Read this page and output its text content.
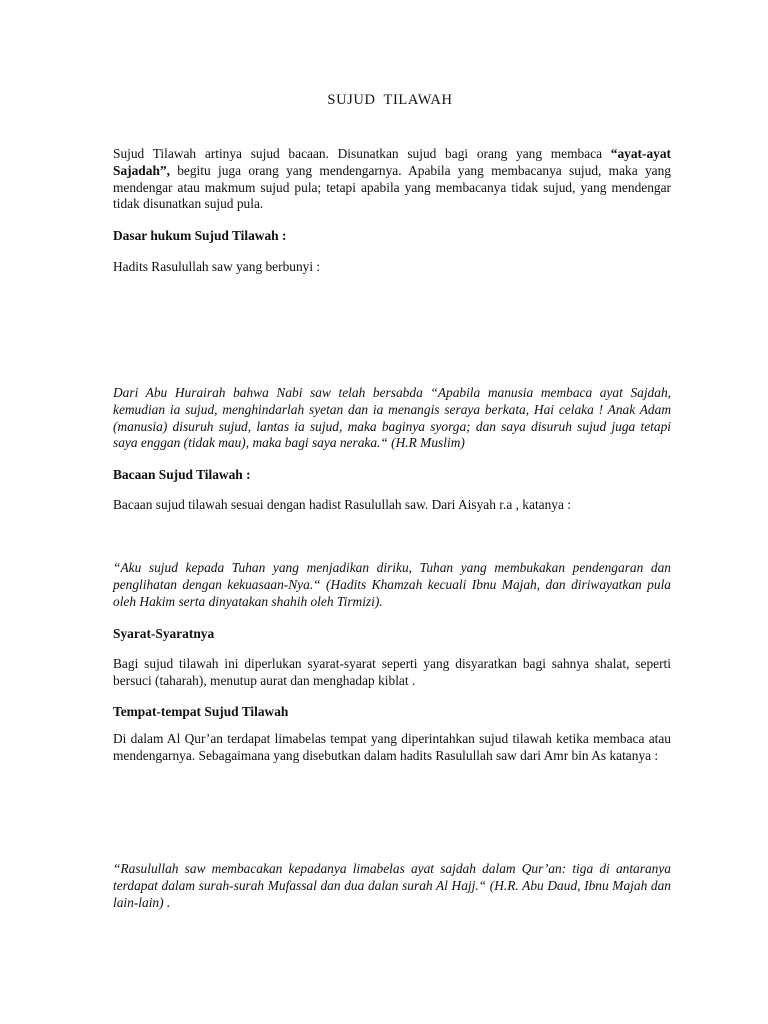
SUJUD TILAWAH

Sujud Tilawah artinya sujud bacaan. Disunatkan sujud bagi orang yang membaca “ayat-ayat Sajadah”, begitu juga orang yang mendengarnya. Apabila yang membacanya sujud, maka yang mendengar atau makmum sujud pula; tetapi apabila yang membacanya tidak sujud, yang mendengar tidak disunatkan sujud pula.

Dasar hukum Sujud Tilawah :

Hadits Rasulullah saw yang berbunyi :

Dari Abu Hurairah bahwa Nabi saw telah bersabda “Apabila manusia membaca ayat Sajdah, kemudian ia sujud, menghindarlah syetan dan ia menangis seraya berkata, Hai celaka ! Anak Adam (manusia) disuruh sujud, lantas ia sujud, maka baginya syorga; dan saya disuruh sujud juga tetapi saya enggan (tidak mau), maka bagi saya neraka.“ (H.R Muslim)

Bacaan Sujud Tilawah :

Bacaan sujud tilawah sesuai dengan hadist Rasulullah saw. Dari Aisyah r.a , katanya :

“Aku sujud kepada Tuhan yang menjadikan diriku, Tuhan yang membukakan pendengaran dan penglihatan dengan kekuasaan-Nya.“ (Hadits Khamzah kecuali Ibnu Majah, dan diriwayatkan pula oleh Hakim serta dinyatakan shahih oleh Tirmizi).

Syarat-Syaratnya

Bagi sujud tilawah ini diperlukan syarat-syarat seperti yang disyaratkan bagi sahnya shalat, seperti bersuci (taharah), menutup aurat dan menghadap kiblat .

Tempat-tempat Sujud Tilawah

Di dalam Al Qur’an terdapat limabelas tempat yang diperintahkan sujud tilawah ketika membaca atau mendengarnya. Sebagaimana yang disebutkan dalam hadits Rasulullah saw dari Amr bin As katanya :

“Rasulullah saw membacakan kepadanya limabelas ayat sajdah dalam Qur’an: tiga di antaranya terdapat dalam surah-surah Mufassal dan dua dalan surah Al Hajj.“ (H.R. Abu Daud, Ibnu Majah dan lain-lain) .
